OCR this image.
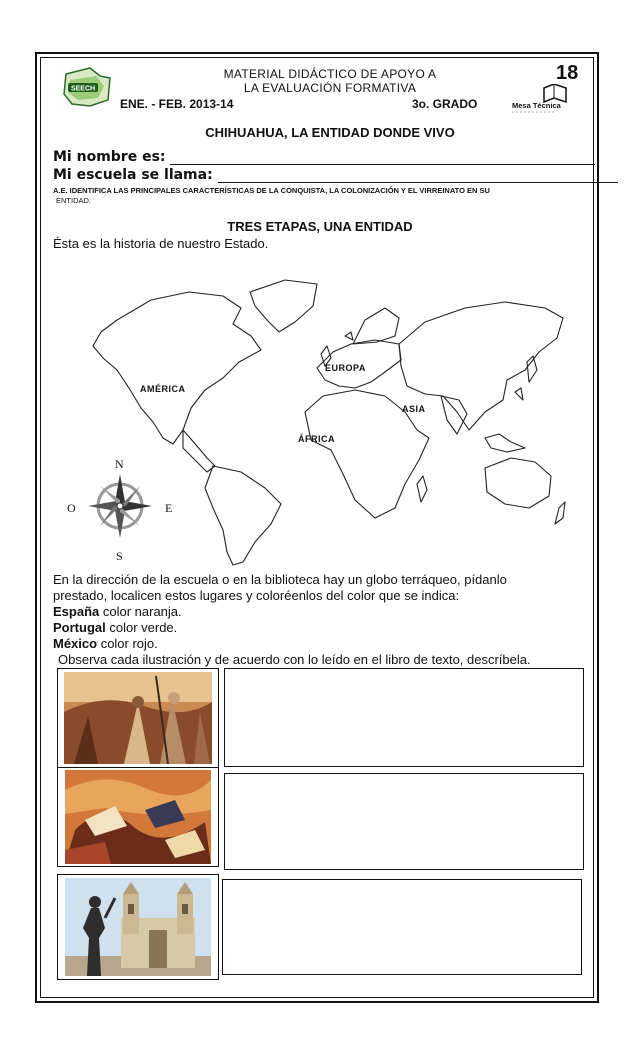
SEECH
MATERIAL DIDÁCTICO DE APOYO A
LA EVALUACIÓN FORMATIVA
ENE. - FEB. 2013-14	3o. GRADO
18
Mesa Técnica
CHIHUAHUA, LA ENTIDAD DONDE VIVO
Mi nombre es:
Mi escuela se llama:
A.E. IDENTIFICA LAS PRINCIPALES CARACTERÍSTICAS DE LA CONQUISTA, LA COLONIZACIÓN Y EL VIRREINATO EN SU
ENTIDAD.
TRES ETAPAS, UNA ENTIDAD
Ésta es la historia de nuestro Estado.
AMÉRICA
EUROPA
ASIA
ÁFRICA
N
S
E
O
En la dirección de la escuela o en la biblioteca hay un globo terráqueo, pídanlo
prestado, localicen estos lugares y coloréenlos del color que se indica:
España color naranja.
Portugal color verde.
México color rojo.
Observa cada ilustración y de acuerdo con lo leído en el libro de texto, descríbela.
